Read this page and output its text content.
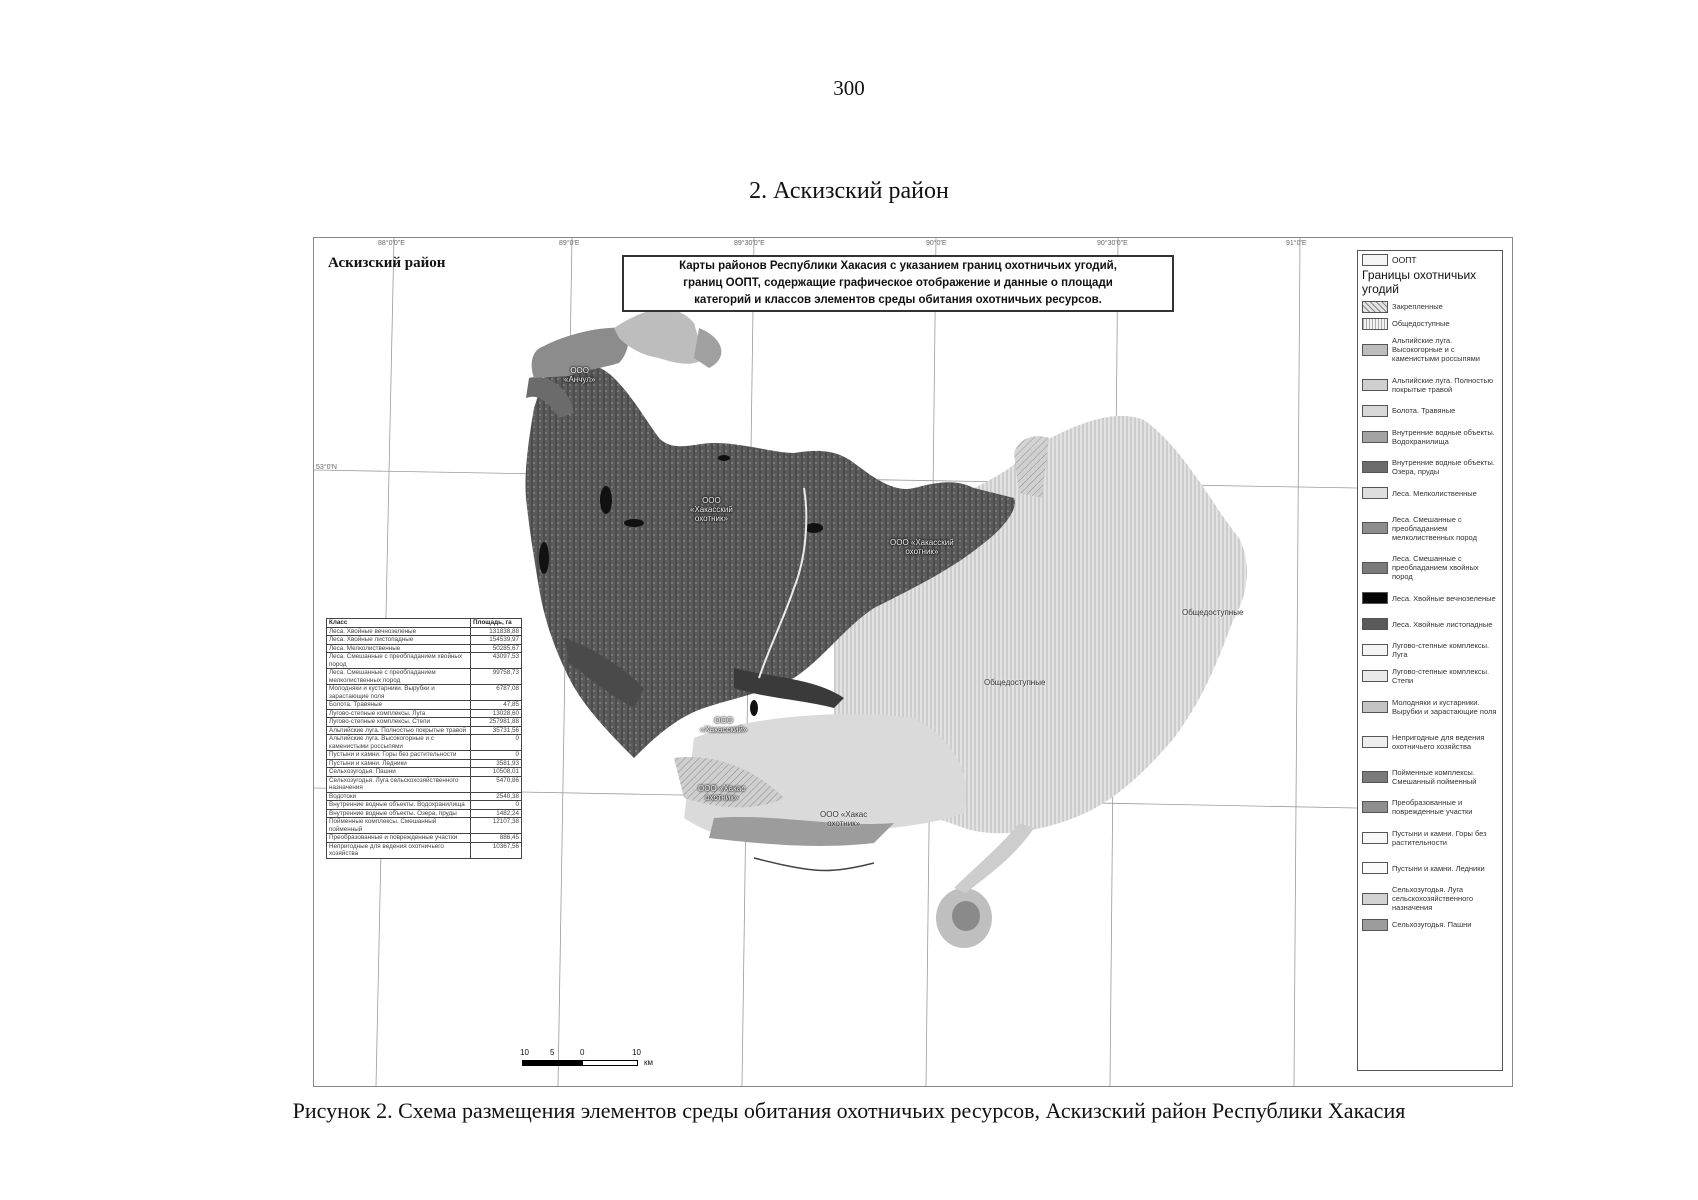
300
2. Аскизский район
Аскизский район	Карты районов Республики Хакасия с указанием границ охотничьих угодий,
границ ООПТ, содержащие графическое отображение и данные о площади
категорий и классов элементов среды обитания охотничьих ресурсов.
88°0'0"E	89°0'E	89°30'0"E	90°0'E	90°30'0"E	91°0'E
53°0'N
ООО
«Анчул»
ООО
«Хакасский
охотник»
ООО «Хакасский
охотник»
ООО
«Хакасский»
ООО «Хакас
охотник»
ООО «Хакас
охотник»
Общедоступные
Общедоступные
Класс	Площадь, га
Леса. Хвойные вечнозеленые	131838,88
Леса. Хвойные листопадные	154539,97
Леса. Мелколиственные	50285,67
Леса. Смешанные с преобладанием хвойных пород	43097,53
Леса. Смешанные с преобладанием мелколиственных пород	99758,73
Молодняки и кустарники. Вырубки и зарастающие поля	6787,08
Болота. Травяные	47,85
Лугово-степные комплексы. Луга	13028,60
Лугово-степные комплексы. Степи	257981,88
Альпийские луга. Полностью покрытые травой	35731,56
Альпийские луга. Высокогорные и с каменистыми россыпями	0
Пустыни и камни. Горы без растительности	0
Пустыни и камни. Ледники	3581,93
Сельхозугодья. Пашни	10508,01
Сельхозугодья. Луга сельскохозяйственного назначения	5470,86
Водотоки	2540,38
Внутренние водные объекты. Водохранилища	0
Внутренние водные объекты. Озера, пруды	1482,24
Пойменные комплексы. Смешанный пойменный	12107,38
Преобразованные и поврежденные участки	886,45
Непригодные для ведения охотничьего хозяйства	10367,56
10	5	0	10
км
ООПТ
Границы охотничьих угодий
Закрепленные
Общедоступные
Альпийские луга. Высокогорные и с каменистыми россыпями
Альпийские луга. Полностью покрытые травой
Болота. Травяные
Внутренние водные объекты. Водохранилища
Внутренние водные объекты. Озера, пруды
Леса. Мелколиственные
Леса. Смешанные с преобладанием мелколиственных пород
Леса. Смешанные с преобладанием хвойных пород
Леса. Хвойные вечнозеленые
Леса. Хвойные листопадные
Лугово-степные комплексы. Луга
Лугово-степные комплексы. Степи
Молодняки и кустарники. Вырубки и зарастающие поля
Непригодные для ведения охотничьего хозяйства
Пойменные комплексы. Смешанный пойменный
Преобразованные и поврежденные участки
Пустыни и камни. Горы без растительности
Пустыни и камни. Ледники
Сельхозугодья. Луга сельскохозяйственного назначения
Сельхозугодья. Пашни
Рисунок 2. Схема размещения элементов среды обитания охотничьих ресурсов, Аскизский район Республики Хакасия
